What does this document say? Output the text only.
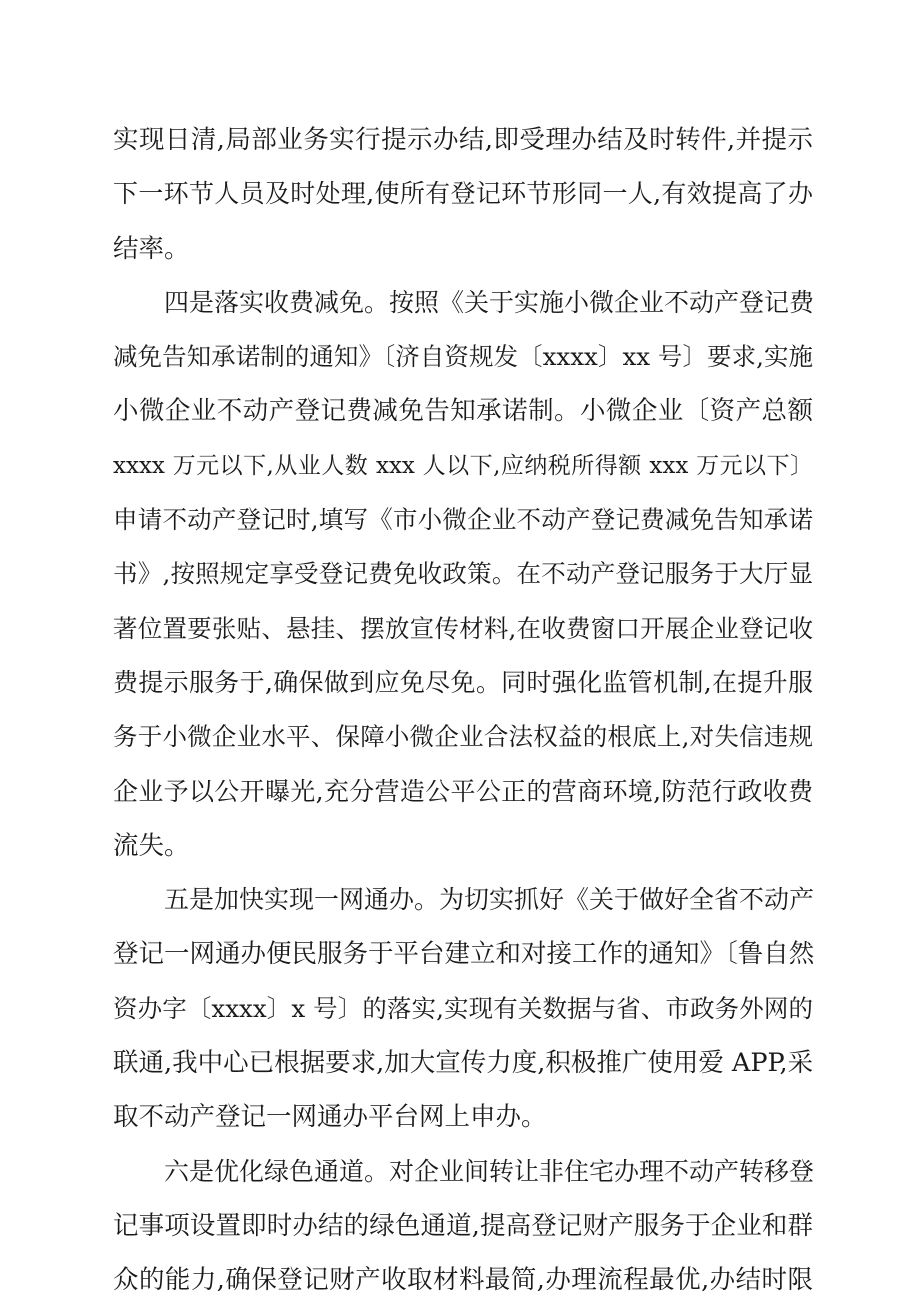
实现日清,局部业务实行提示办结,即受理办结及时转件,并提示
下一环节人员及时处理,使所有登记环节形同一人,有效提高了办
结率。
四是落实收费减免。按照《关于实施小微企业不动产登记费
减免告知承诺制的通知》〔济自资规发〔xxxx〕xx 号〕要求,实施
小微企业不动产登记费减免告知承诺制。小微企业〔资产总额
xxxx 万元以下,从业人数 xxx 人以下,应纳税所得额 xxx 万元以下〕
申请不动产登记时,填写《市小微企业不动产登记费减免告知承诺
书》,按照规定享受登记费免收政策。在不动产登记服务于大厅显
著位置要张贴、悬挂、摆放宣传材料,在收费窗口开展企业登记收
费提示服务于,确保做到应免尽免。同时强化监管机制,在提升服
务于小微企业水平、保障小微企业合法权益的根底上,对失信违规
企业予以公开曝光,充分营造公平公正的营商环境,防范行政收费
流失。
五是加快实现一网通办。为切实抓好《关于做好全省不动产
登记一网通办便民服务于平台建立和对接工作的通知》〔鲁自然
资办字〔xxxx〕x 号〕的落实,实现有关数据与省、市政务外网的
联通,我中心已根据要求,加大宣传力度,积极推广使用爱 APP,采
取不动产登记一网通办平台网上申办。
六是优化绿色通道。对企业间转让非住宅办理不动产转移登
记事项设置即时办结的绿色通道,提高登记财产服务于企业和群
众的能力,确保登记财产收取材料最简,办理流程最优,办结时限
